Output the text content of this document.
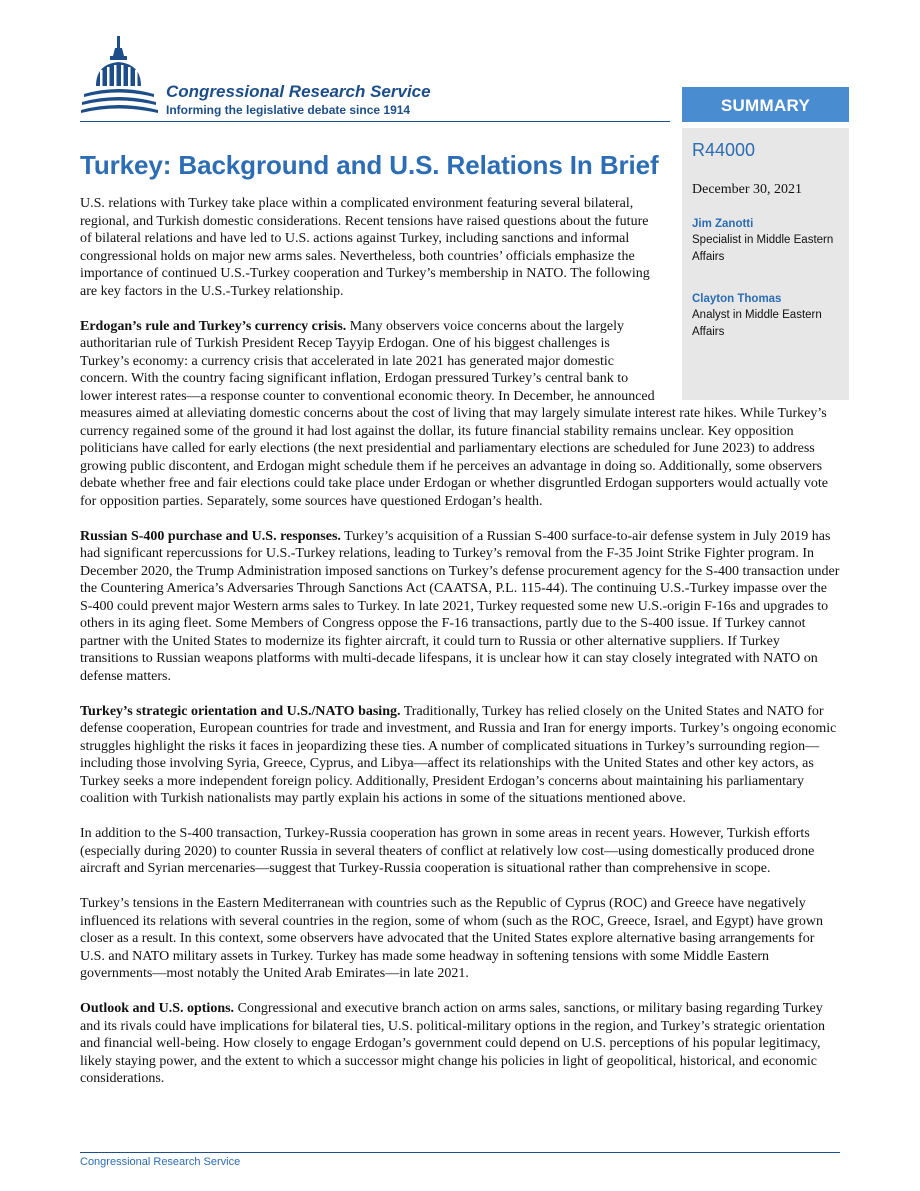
Congressional Research Service
Informing the legislative debate since 1914	SUMMARY
R44000
December 30, 2021
Jim Zanotti
Specialist in Middle Eastern Affairs
Clayton Thomas
Analyst in Middle Eastern Affairs
Turkey: Background and U.S. Relations In Brief

U.S. relations with Turkey take place within a complicated environment featuring several bilateral, regional, and Turkish domestic considerations. Recent tensions have raised questions about the future of bilateral relations and have led to U.S. actions against Turkey, including sanctions and informal congressional holds on major new arms sales. Nevertheless, both countries’ officials emphasize the importance of continued U.S.-Turkey cooperation and Turkey’s membership in NATO. The following are key factors in the U.S.-Turkey relationship.

Erdogan’s rule and Turkey’s currency crisis. Many observers voice concerns about the largely authoritarian rule of Turkish President Recep Tayyip Erdogan. One of his biggest challenges is Turkey’s economy: a currency crisis that accelerated in late 2021 has generated major domestic concern. With the country facing significant inflation, Erdogan pressured Turkey’s central bank to lower interest rates—a response counter to conventional economic theory. In December, he announced measures aimed at alleviating domestic concerns about the cost of living that may largely simulate interest rate hikes. While Turkey’s currency regained some of the ground it had lost against the dollar, its future financial stability remains unclear. Key opposition politicians have called for early elections (the next presidential and parliamentary elections are scheduled for June 2023) to address growing public discontent, and Erdogan might schedule them if he perceives an advantage in doing so. Additionally, some observers debate whether free and fair elections could take place under Erdogan or whether disgruntled Erdogan supporters would actually vote for opposition parties. Separately, some sources have questioned Erdogan’s health.

Russian S-400 purchase and U.S. responses. Turkey’s acquisition of a Russian S-400 surface-to-air defense system in July 2019 has had significant repercussions for U.S.-Turkey relations, leading to Turkey’s removal from the F-35 Joint Strike Fighter program. In December 2020, the Trump Administration imposed sanctions on Turkey’s defense procurement agency for the S-400 transaction under the Countering America’s Adversaries Through Sanctions Act (CAATSA, P.L. 115-44). The continuing U.S.-Turkey impasse over the S-400 could prevent major Western arms sales to Turkey. In late 2021, Turkey requested some new U.S.-origin F-16s and upgrades to others in its aging fleet. Some Members of Congress oppose the F-16 transactions, partly due to the S-400 issue. If Turkey cannot partner with the United States to modernize its fighter aircraft, it could turn to Russia or other alternative suppliers. If Turkey transitions to Russian weapons platforms with multi-decade lifespans, it is unclear how it can stay closely integrated with NATO on defense matters.

Turkey’s strategic orientation and U.S./NATO basing. Traditionally, Turkey has relied closely on the United States and NATO for defense cooperation, European countries for trade and investment, and Russia and Iran for energy imports. Turkey’s ongoing economic struggles highlight the risks it faces in jeopardizing these ties. A number of complicated situations in Turkey’s surrounding region—including those involving Syria, Greece, Cyprus, and Libya—affect its relationships with the United States and other key actors, as Turkey seeks a more independent foreign policy. Additionally, President Erdogan’s concerns about maintaining his parliamentary coalition with Turkish nationalists may partly explain his actions in some of the situations mentioned above.

In addition to the S-400 transaction, Turkey-Russia cooperation has grown in some areas in recent years. However, Turkish efforts (especially during 2020) to counter Russia in several theaters of conflict at relatively low cost—using domestically produced drone aircraft and Syrian mercenaries—suggest that Turkey-Russia cooperation is situational rather than comprehensive in scope.

Turkey’s tensions in the Eastern Mediterranean with countries such as the Republic of Cyprus (ROC) and Greece have negatively influenced its relations with several countries in the region, some of whom (such as the ROC, Greece, Israel, and Egypt) have grown closer as a result. In this context, some observers have advocated that the United States explore alternative basing arrangements for U.S. and NATO military assets in Turkey. Turkey has made some headway in softening tensions with some Middle Eastern governments—most notably the United Arab Emirates—in late 2021.

Outlook and U.S. options. Congressional and executive branch action on arms sales, sanctions, or military basing regarding Turkey and its rivals could have implications for bilateral ties, U.S. political-military options in the region, and Turkey’s strategic orientation and financial well-being. How closely to engage Erdogan’s government could depend on U.S. perceptions of his popular legitimacy, likely staying power, and the extent to which a successor might change his policies in light of geopolitical, historical, and economic considerations.

Congressional Research Service
